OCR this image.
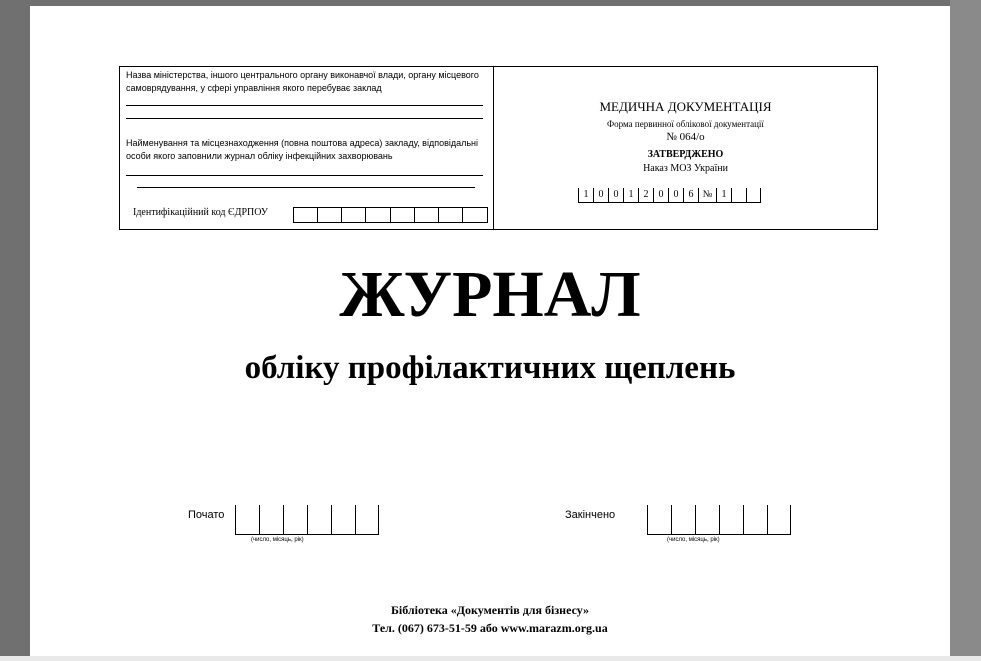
Назва міністерства, іншого центрального органу виконавчої влади, органу місцевого
самоврядування, у сфері управління якого перебуває заклад
Найменування та місцезнаходження (повна поштова адреса) закладу, відповідальні
особи якого заповнили журнал обліку інфекційних захворювань
Ідентифікаційний код ЄДРПОУ
МЕДИЧНА ДОКУМЕНТАЦІЯ
Форма первинної облікової документації
№ 064/о
ЗАТВЕРДЖЕНО
Наказ МОЗ України
1	0	0	1	2	0	0	6 № 1
ЖУРНАЛ
обліку профілактичних щеплень
Почато
(число, місяць, рік)
Закінчено
(число, місяць, рік)
Бібліотека «Документів для бізнесу»
Тел. (067) 673-51-59 або www.marazm.org.ua
